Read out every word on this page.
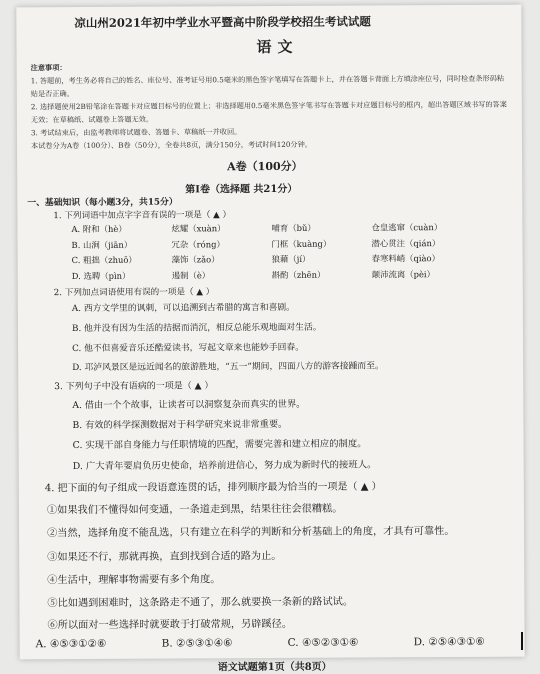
凉山州2021年初中学业水平暨高中阶段学校招生考试试题
语文
注意事项：
1. 答题前，考生务必将自己的姓名、座位号、准考证号用0.5毫米的黑色签字笔填写在答题卡上，并在答题卡背面上方填涂座位号，同时检查条形码粘贴是否正确。
2. 选择题使用2B铅笔涂在答题卡对应题目标号的位置上；非选择题用0.5毫米黑色签字笔书写在答题卡对应题目标号的框内，超出答题区域书写的答案无效；在草稿纸、试题卷上答题无效。
3. 考试结束后，由监考教师将试题卷、答题卡、草稿纸一并收回。
本试卷分为A卷（100分）、B卷（50分），全卷共8页，满分150分，考试时间120分钟。
A卷（100分）
第Ⅰ卷（选择题 共21分）
一、基础知识（每小题3分，共15分）
1. 下列词语中加点字字音有误的一项是（ ▲ ）
A. 附和（hè）	炫耀（xuàn）	哺育（bǔ）	仓皇逃窜（cuàn）
B. 山涧（jiān）	冗杂（róng）	门框（kuàng）	潜心贯注（qián）
C. 粗拙（zhuō）	藻饰（zǎo）	狼藉（jí）	春寒料峭（qiào）
D. 选聘（pìn）	遏制（è）	斟酌（zhēn）	颠沛流离（pèi）
2. 下列加点词语使用有误的一项是（ ▲ ）
A. 西方文学里的讽刺，可以追溯到古希腊的寓言和喜剧。
B. 他并没有因为生活的拮据而消沉，相反总能乐观地面对生活。
C. 他不但喜爱音乐还酷爱读书，写起文章来也能妙手回春。
D. 邛泸风景区是远近闻名的旅游胜地，“五一”期间，四面八方的游客接踵而至。
3. 下列句子中没有语病的一项是（ ▲ ）
A. 借由一个个故事，让读者可以洞察复杂而真实的世界。
B. 有效的科学探测数据对于科学研究来说非常重要。
C. 实现干部自身能力与任职情境的匹配，需要完善和建立相应的制度。
D. 广大青年要肩负历史使命，培养前进信心，努力成为新时代的接班人。
4. 把下面的句子组成一段语意连贯的话，排列顺序最为恰当的一项是（ ▲ ）
①如果我们不懂得如何变通，一条道走到黑，结果往往会很糟糕。
②当然，选择角度不能乱选，只有建立在科学的判断和分析基础上的角度，才具有可靠性。
③如果还不行，那就再换，直到找到合适的路为止。
④生活中，理解事物需要有多个角度。
⑤比如遇到困难时，这条路走不通了，那么就要换一条新的路试试。
⑥所以面对一些选择时就要敢于打破常规，另辟蹊径。
A. ④⑤③①②⑥	B. ②⑤③①④⑥	C. ④⑤②③①⑥	D. ②⑤④③①⑥
语文试题第1页（共8页）
